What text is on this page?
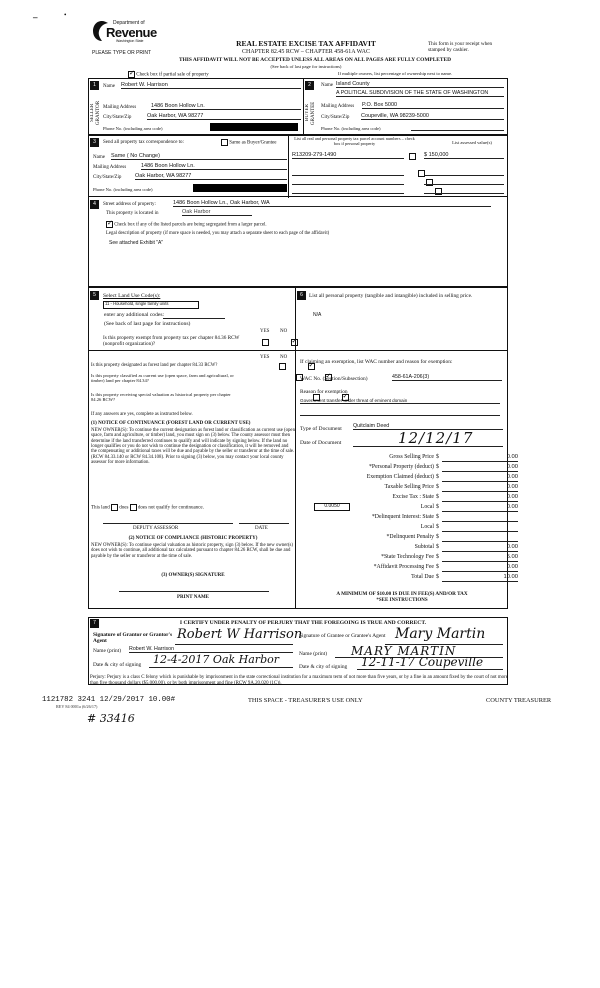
‒	•
Department of
Revenue
Washington State
PLEASE TYPE OR PRINT
REAL ESTATE EXCISE TAX AFFIDAVIT
CHAPTER 82.45 RCW – CHAPTER 458-61A WAC
THIS AFFIDAVIT WILL NOT BE ACCEPTED UNLESS ALL AREAS ON ALL PAGES ARE FULLY COMPLETED
(See back of last page for instructions)
This form is your receipt when stamped by cashier.
✓ Check box if partial sale of property	If multiple owners, list percentage of ownership next to name.
1
SELLER GRANTOR
Name Robert W. Harrison
Mailing Address	1486 Boon Hollow Ln.
City/State/Zip	Oak Harbor, WA 98277
Phone No. (including area code)
2
BUYER GRANTEE
Name Island County
A POLITICAL SUBDIVISION OF THE STATE OF WASHINGTON
Mailing Address P.O. Box 5000
City/State/Zip Coupeville, WA 98239-5000
Phone No. (including area code)
3	Send all property tax correspondence to:	Same as Buyer/Grantee
Name Same ( No Change)
Mailing Address	1486 Boon Hollow Ln.
City/State/Zip Oak Harbor, WA 98277
Phone No. (including area code)
List all real and personal property tax parcel account numbers – check box if personal property	List assessed value(s)
R13209-279-1490
	$ 150,000

4	Street address of property:	1486 Boon Hollow Ln., Oak Harbor, WA
This property is located in	Oak Harbor
✓ Check box if any of the listed parcels are being segregated from a larger parcel.
Legal description of property (if more space is needed, you may attach a separate sheet to each page of the affidavit)
See attached Exhibit "A"
5	Select Land Use Code(s):
11 - Household, single family units
enter any additional codes:
(See back of last page for instructions)
YES NO
Is this property exempt from property tax per chapter 84.36 RCW (nonprofit organization)?
✓
YES NO
Is this property designated as forest land per chapter 84.33 RCW?
✓
Is this property classified as current use (open space, farm and agricultural, or timber) land per chapter 84.34?
✓
Is this property receiving special valuation as historical property per chapter 84.26 RCW?
✓
If any answers are yes, complete as instructed below.
(1) NOTICE OF CONTINUANCE (FOREST LAND OR CURRENT USE)
NEW OWNER(S): To continue the current designation as forest land or classification as current use (open space, farm and agriculture, or timber) land, you must sign on (3) below. The county assessor must then determine if the land transferred continues to qualify and will indicate by signing below. If the land no longer qualifies or you do not wish to continue the designation or classification, it will be removed and the compensating or additional taxes will be due and payable by the seller or transferor at the time of sale. (RCW 84.33.140 or RCW 84.34.108). Prior to signing (3) below, you may contact your local county assessor for more information.
This land does does not qualify for continuance.
DEPUTY ASSESSOR	DATE
(2) NOTICE OF COMPLIANCE (HISTORIC PROPERTY)
NEW OWNER(S): To continue special valuation as historic property, sign (3) below. If the new owner(s) does not wish to continue, all additional tax calculated pursuant to chapter 84.26 RCW, shall be due and payable by the seller or transferor at the time of sale.
(3) OWNER(S) SIGNATURE
PRINT NAME
6	List all personal property (tangible and intangible) included in selling price.
N/A
If claiming an exemption, list WAC number and reason for exemption:
WAC No. (Section/Subsection)	458-61A-206(3)
Reason for exemption
Government transfer under threat of eminent domain
Type of Document Quitclaim Deed
Date of Document	12/12/17
Gross Selling Price $	0.00
*Personal Property (deduct) $	0.00
Exemption Claimed (deduct) $	0.00
Taxable Selling Price $	0.00
Excise Tax : State $	0.00
0.0050	Local $	0.00
*Delinquent Interest: State $
Local $
*Delinquent Penalty $
Subtotal $	0.00
*State Technology Fee $	5.00
*Affidavit Processing Fee $	0.00
Total Due $	10.00
A MINIMUM OF $10.00 IS DUE IN FEE(S) AND/OR TAX
*SEE INSTRUCTIONS
7	I CERTIFY UNDER PENALTY OF PERJURY THAT THE FOREGOING IS TRUE AND CORRECT.
Signature of Grantor or Grantor's Agent	Robert W Harrison
Name (print) Robert W. Harrison
Date & city of signing 12-4-2017 Oak Harbor
Signature of Grantee or Grantee's Agent Mary Martin
Name (print) MARY MARTIN
Date & city of signing 12-11-17 Coupeville
Perjury: Perjury is a class C felony which is punishable by imprisonment in the state correctional institution for a maximum term of not more than five years, or by a fine in an amount fixed by the court of not more than five thousand dollars ($5,000.00), or by both imprisonment and fine (RCW 9A.20.020 (1C)).
1121782 3241 12/29/2017 10.00#
REV 84 0001a (6/26/17)
THIS SPACE - TREASURER'S USE ONLY	COUNTY TREASURER
# 33416
